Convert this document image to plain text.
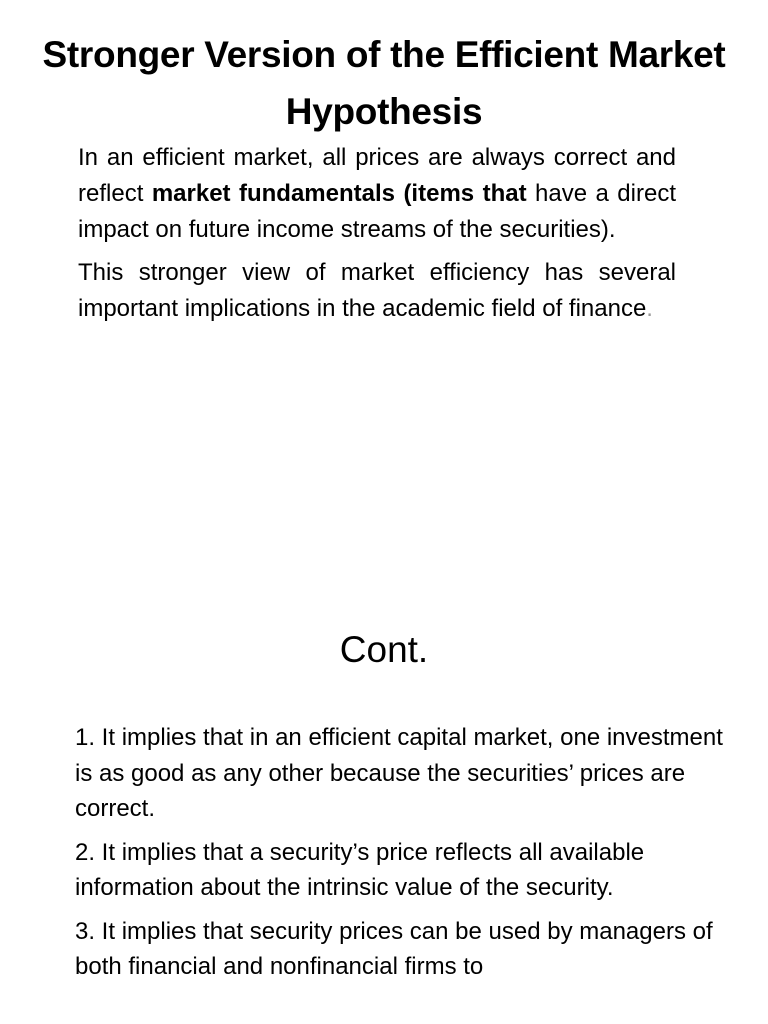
Stronger Version of the Efficient Market Hypothesis

In an efficient market, all prices are always correct and reflect market fundamentals (items that have a direct impact on future income streams of the securities).

This stronger view of market efficiency has several important implications in the academic field of finance.

Cont.

1. It implies that in an efficient capital market, one investment is as good as any other because the securities’ prices are correct.

2. It implies that a security’s price reflects all available information about the intrinsic value of the security.

3. It implies that security prices can be used by managers of both financial and nonfinancial firms to
